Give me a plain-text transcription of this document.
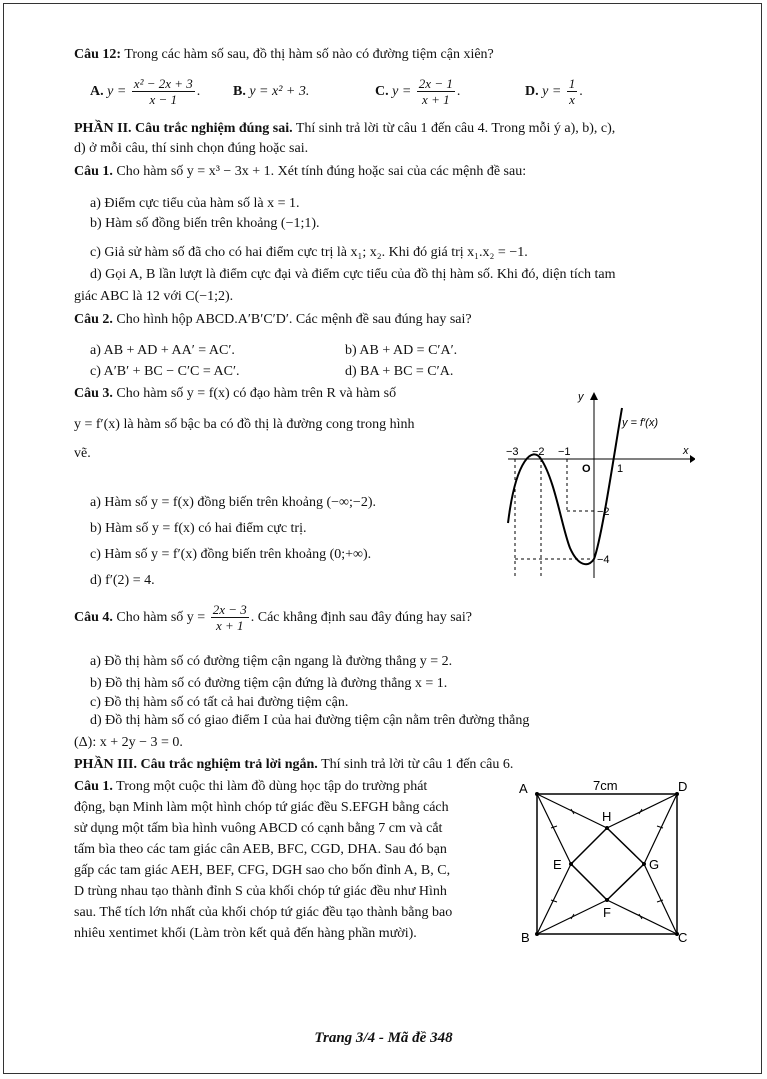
Câu 12: Trong các hàm số sau, đồ thị hàm số nào có đường tiệm cận xiên?
A. $y = \frac{\text{x² − 2x + 3}}{x - 1}$ . B. y = x² + 3.	C. $y = \frac{2x - 1}{x + 1}$ .	D. $y = \frac{1}{x}$ .
PHẦN II. Câu trắc nghiệm đúng sai. Thí sinh trả lời từ câu 1 đến câu 4. Trong mỗi ý a), b), c),
d) ở mỗi câu, thí sinh chọn đúng hoặc sai.
Câu 1. Cho hàm số y = x³ − 3x + 1. Xét tính đúng hoặc sai của các mệnh đề sau:
a) Điểm cực tiểu của hàm số là x = 1.
b) Hàm số đồng biến trên khoảng (−1;1).
c) Giả sử hàm số đã cho có hai điểm cực trị là x₁; x₂. Khi đó giá trị x₁.x₂ = −1.
d) Gọi A, B lần lượt là điểm cực đại và điểm cực tiểu của đồ thị hàm số. Khi đó, diện tích tam
giác ABC là 12 với C(−1;2).
Câu 2. Cho hình hộp ABCD.A′B′C′D′. Các mệnh đề sau đúng hay sai?
a) AB + AD + AA′ = AC′.	b) AB + AD = C′A′.
c) A′B′ + BC − C′C = AC′.	d) BA + BC = C′A.
Câu 3. Cho hàm số y = f(x) có đạo hàm trên R và hàm số
y = f′(x) là hàm số bậc ba có đồ thị là đường cong trong hình
vẽ.
a) Hàm số y = f(x) đồng biến trên khoảng (−∞;−2).
b) Hàm số y = f(x) có hai điểm cực trị.
c) Hàm số y = f′(x) đồng biến trên khoảng (0;+∞).
d) f′(2) = 4.
y
x
y = f′(x)
O
−3 −2 −1
1
−2
−4
Câu 4. Cho hàm số $y = \frac{2x - 3}{x + 1}$ . Các khẳng định sau đây đúng hay sai?
a) Đồ thị hàm số có đường tiệm cận ngang là đường thẳng y = 2.
b) Đồ thị hàm số có đường tiệm cận đứng là đường thẳng x = 1.
c) Đồ thị hàm số có tất cả hai đường tiệm cận.
d) Đồ thị hàm số có giao điểm I của hai đường tiệm cận nằm trên đường thẳng
(Δ): x + 2y − 3 = 0.
PHẦN III. Câu trắc nghiệm trả lời ngắn. Thí sinh trả lời từ câu 1 đến câu 6.
Câu 1. Trong một cuộc thi làm đồ dùng học tập do trường phát
động, bạn Minh làm một hình chóp tứ giác đều S.EFGH bằng cách
sử dụng một tấm bìa hình vuông ABCD có cạnh bằng 7 cm và cắt
tấm bìa theo các tam giác cân AEB, BFC, CGD, DHA. Sau đó bạn
gấp các tam giác AEH, BEF, CFG, DGH sao cho bốn đỉnh A, B, C,
D trùng nhau tạo thành đỉnh S của khối chóp tứ giác đều như Hình
sau. Thể tích lớn nhất của khối chóp tứ giác đều tạo thành bằng bao
nhiêu xentimet khối (Làm tròn kết quả đến hàng phần mười).
A	D
B	C
H
G
F
E
7cm
Trang 3/4 - Mã đề 348
